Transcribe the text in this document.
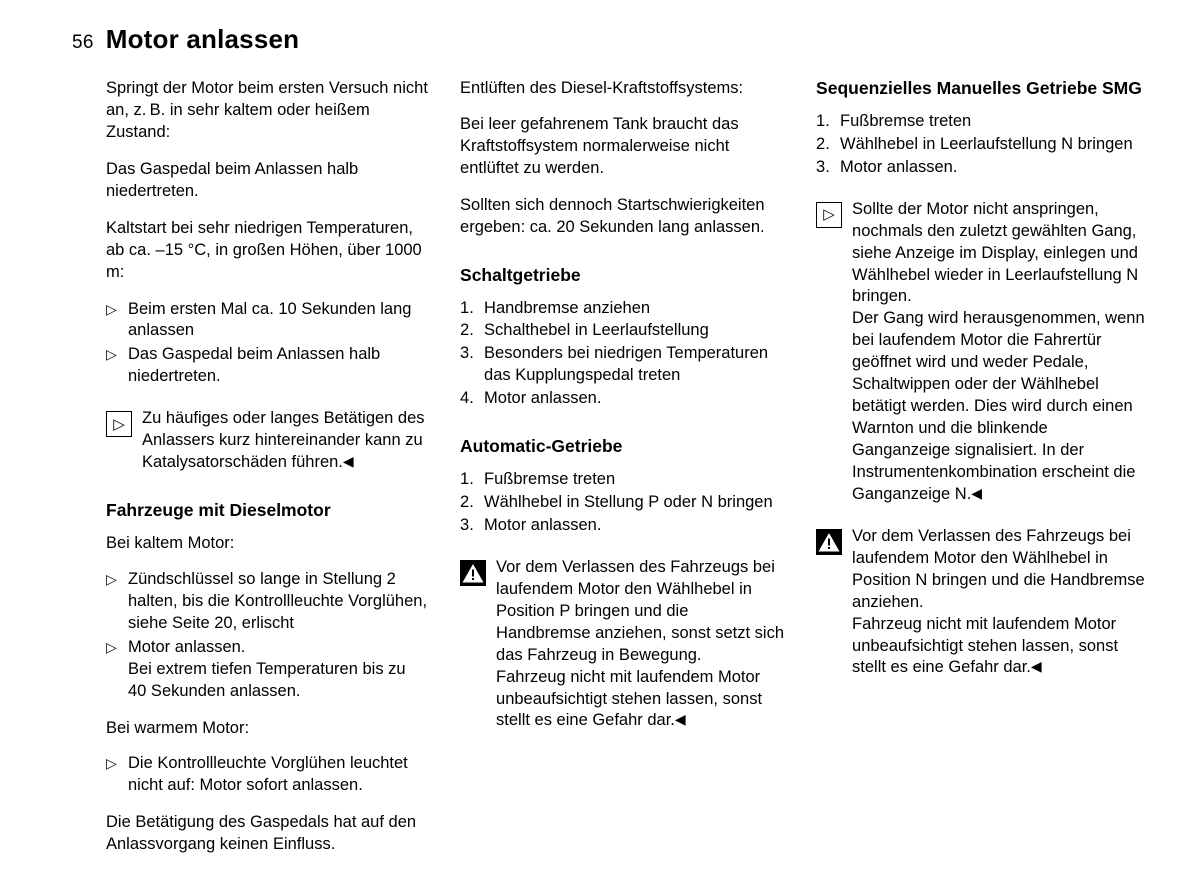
56 Motor anlassen

Springt der Motor beim ersten Versuch nicht an, z. B. in sehr kaltem oder heißem Zustand:

Das Gaspedal beim Anlassen halb niedertreten.

Kaltstart bei sehr niedrigen Temperaturen, ab ca. –15 °C, in großen Höhen, über 1000 m:

▷ Beim ersten Mal ca. 10 Sekunden lang anlassen
▷ Das Gaspedal beim Anlassen halb niedertreten.
▷	Zu häufiges oder langes Betätigen des Anlassers kurz hintereinander kann zu Katalysatorschäden führen.◀

Fahrzeuge mit Dieselmotor

Bei kaltem Motor:

▷ Zündschlüssel so lange in Stellung 2 halten, bis die Kontrollleuchte Vorglühen, siehe Seite 20, erlischt
▷ Motor anlassen.
Bei extrem tiefen Temperaturen bis zu 40 Sekunden anlassen.

Bei warmem Motor:

▷ Die Kontrollleuchte Vorglühen leuchtet nicht auf: Motor sofort anlassen.

Die Betätigung des Gaspedals hat auf den Anlassvorgang keinen Einfluss.

Entlüften des Diesel-Kraftstoffsystems:

Bei leer gefahrenem Tank braucht das Kraftstoffsystem normalerweise nicht entlüftet zu werden.

Sollten sich dennoch Startschwierigkeiten ergeben: ca. 20 Sekunden lang anlassen.

Schaltgetriebe
Handbremse anziehen
Schalthebel in Leerlaufstellung
Besonders bei niedrigen Temperaturen das Kupplungspedal treten
Motor anlassen.
Automatic-Getriebe
Fußbremse treten
Wählhebel in Stellung P oder N bringen
Motor anlassen.

Vor dem Verlassen des Fahrzeugs bei laufendem Motor den Wählhebel in Position P bringen und die Handbremse anziehen, sonst setzt sich das Fahrzeug in Bewegung.

Fahrzeug nicht mit laufendem Motor unbeaufsichtigt stehen lassen, sonst stellt es eine Gefahr dar.◀

Sequenzielles Manuelles Getriebe SMG
Fußbremse treten
Wählhebel in Leerlaufstellung N bringen
Motor anlassen.
▷	Sollte der Motor nicht anspringen, nochmals den zuletzt gewählten Gang, siehe Anzeige im Display, einlegen und Wählhebel wieder in Leerlaufstellung N bringen.

Der Gang wird herausgenommen, wenn bei laufendem Motor die Fahrertür geöffnet wird und weder Pedale, Schaltwippen oder der Wählhebel betätigt werden. Dies wird durch einen Warnton und die blinkende Ganganzeige signalisiert. In der Instrumentenkombination erscheint die Ganganzeige N.◀

Vor dem Verlassen des Fahrzeugs bei laufendem Motor den Wählhebel in Position N bringen und die Handbremse anziehen.

Fahrzeug nicht mit laufendem Motor unbeaufsichtigt stehen lassen, sonst stellt es eine Gefahr dar.◀
